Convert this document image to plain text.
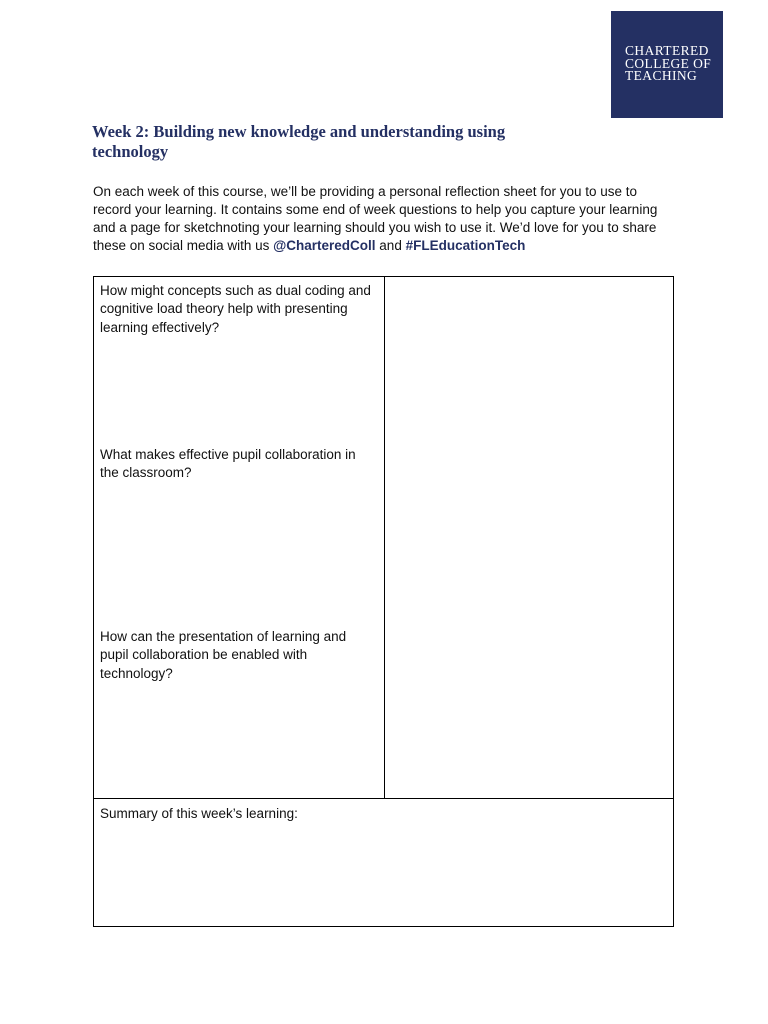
CHARTERED
COLLEGE OF
TEACHING
Week 2: Building new knowledge and understanding using
technology

On each week of this course, we’ll be providing a personal reflection sheet for you to use to record your learning. It contains some end of week questions to help you capture your learning and a page for sketchnoting your learning should you wish to use it. We’d love for you to share these on social media with us @CharteredColl and #FLEducationTech

How might concepts such as dual coding and cognitive load theory help with presenting learning effectively?

What makes effective pupil collaboration in the classroom?

How can the presentation of learning and pupil collaboration be enabled with technology?

Summary of this week’s learning:
